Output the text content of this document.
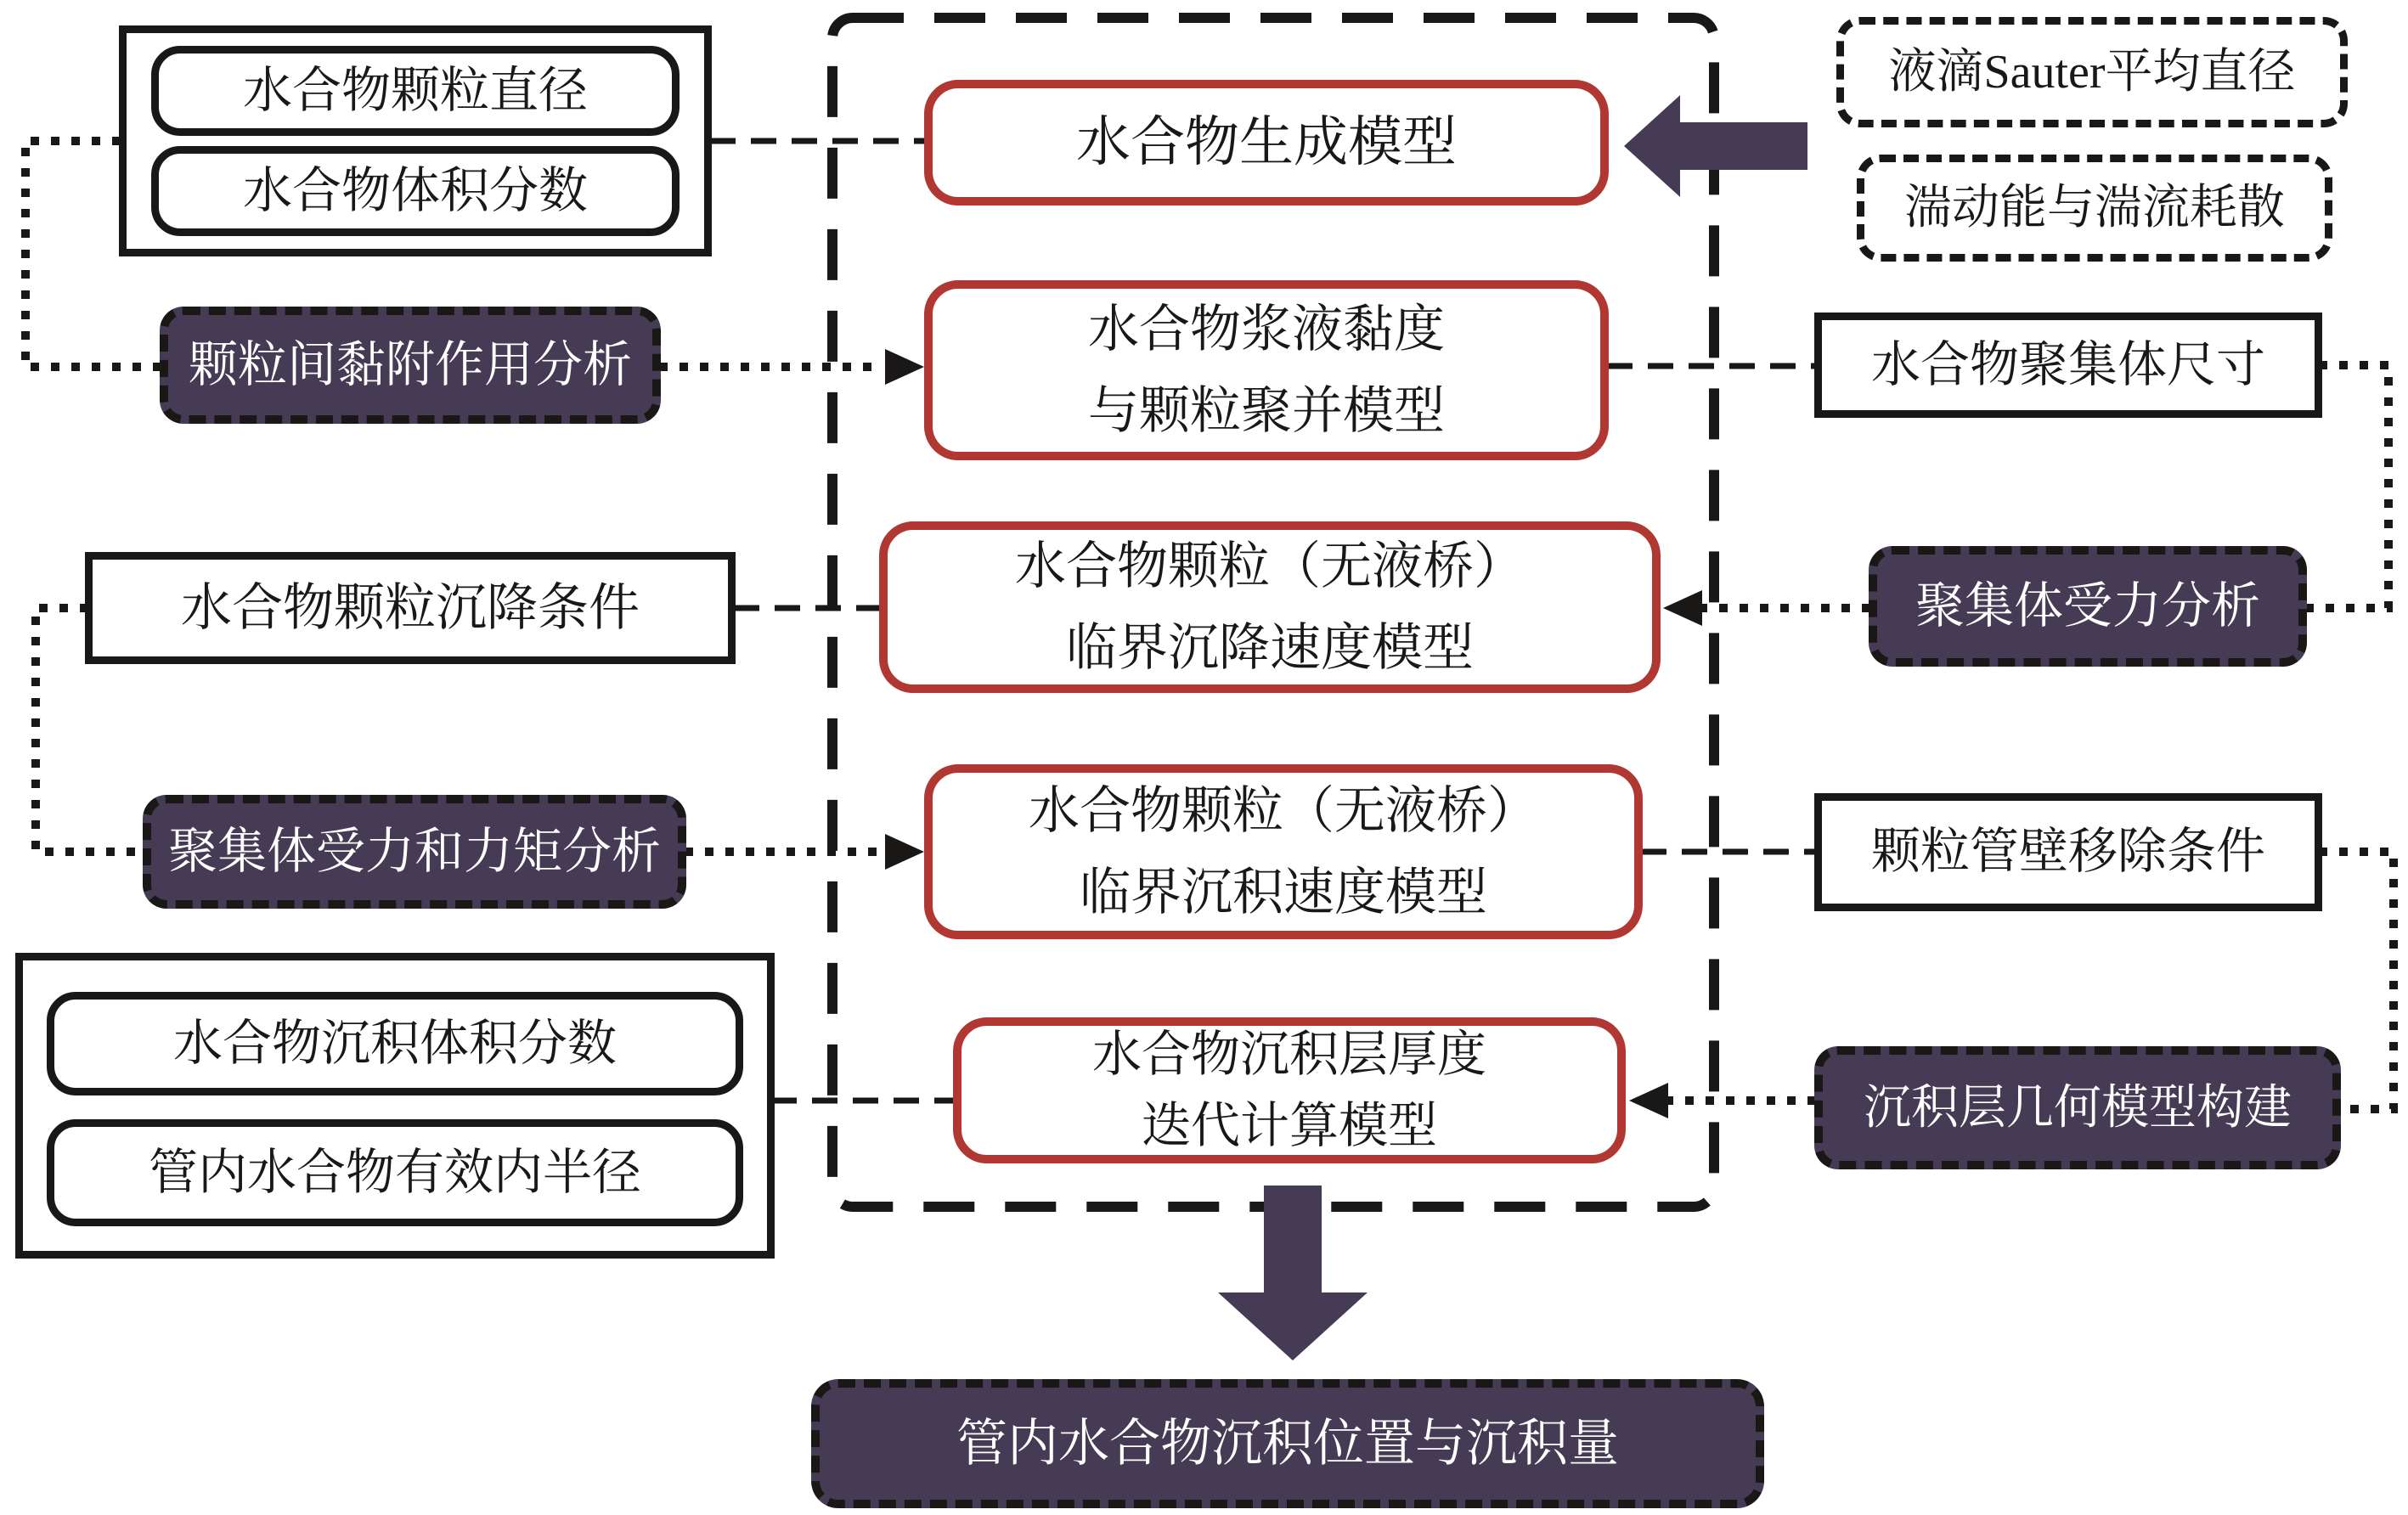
水合物颗粒直径
水合物体积分数
颗粒间黏附作用分析
水合物颗粒沉降条件
聚集体受力和力矩分析
水合物沉积体积分数
管内水合物有效内半径
水合物生成模型
水合物浆液黏度
与颗粒聚并模型
水合物颗粒（无液桥）
临界沉降速度模型
水合物颗粒（无液桥）
临界沉积速度模型
水合物沉积层厚度
迭代计算模型
液滴Sauter平均直径
湍动能与湍流耗散
水合物聚集体尺寸
聚集体受力分析
颗粒管壁移除条件
沉积层几何模型构建
管内水合物沉积位置与沉积量
